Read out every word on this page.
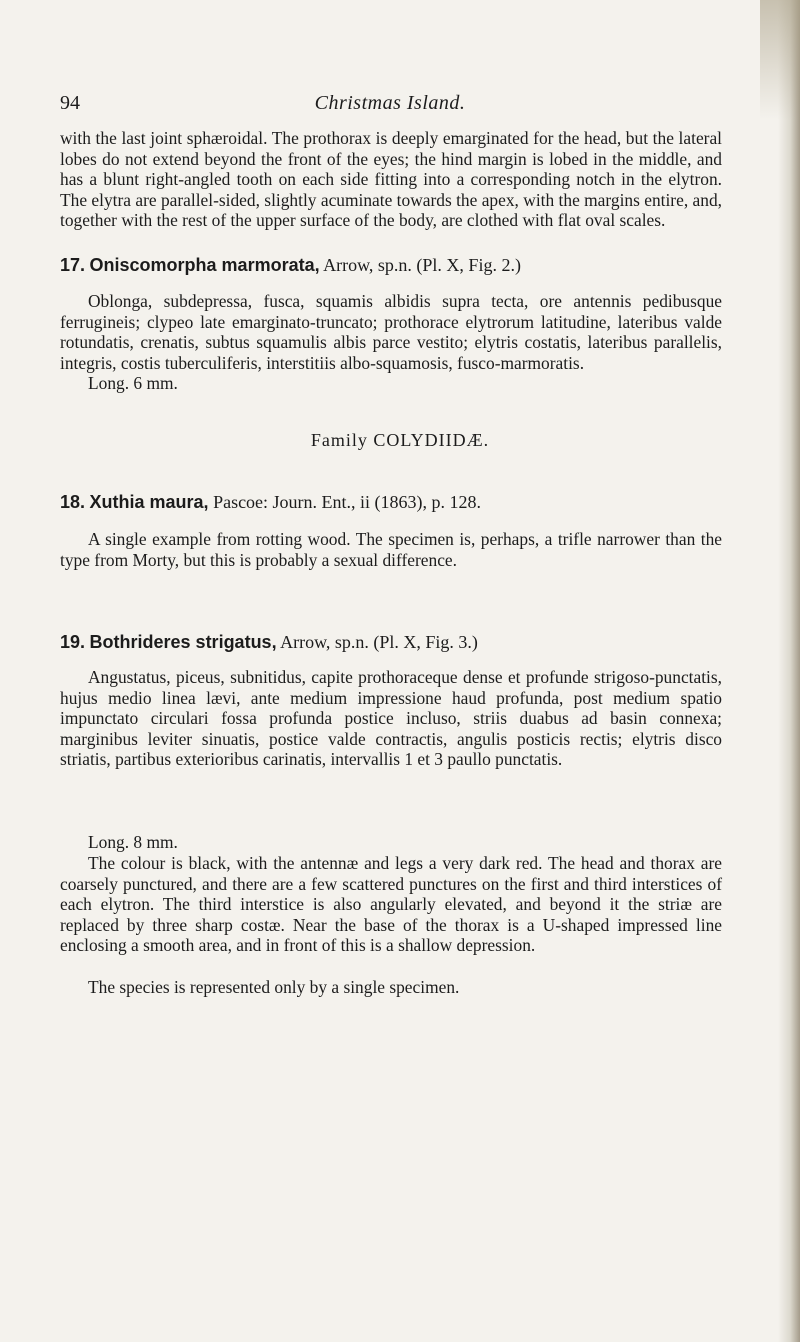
94	Christmas Island.

with the last joint sphæroidal. The prothorax is deeply emarginated for the head, but the lateral lobes do not extend beyond the front of the eyes; the hind margin is lobed in the middle, and has a blunt right-angled tooth on each side fitting into a corresponding notch in the elytron. The elytra are parallel-sided, slightly acuminate towards the apex, with the margins entire, and, together with the rest of the upper surface of the body, are clothed with flat oval scales.

17. Oniscomorpha marmorata, Arrow, sp.n. (Pl. X, Fig. 2.)

Oblonga, subdepressa, fusca, squamis albidis supra tecta, ore antennis pedibusque ferrugineis; clypeo late emarginato-truncato; prothorace elytrorum latitudine, lateribus valde rotundatis, crenatis, subtus squamulis albis parce vestito; elytris costatis, lateribus parallelis, integris, costis tuberculiferis, interstitiis albo-squamosis, fusco-marmoratis.

Long. 6 mm.

Family COLYDIIDÆ.

18. Xuthia maura, Pascoe: Journ. Ent., ii (1863), p. 128.

A single example from rotting wood. The specimen is, perhaps, a trifle narrower than the type from Morty, but this is probably a sexual difference.

19. Bothrideres strigatus, Arrow, sp.n. (Pl. X, Fig. 3.)

Angustatus, piceus, subnitidus, capite prothoraceque dense et profunde strigoso-punctatis, hujus medio linea lævi, ante medium impressione haud profunda, post medium spatio impunctato circulari fossa profunda postice incluso, striis duabus ad basin connexa; marginibus leviter sinuatis, postice valde contractis, angulis posticis rectis; elytris disco striatis, partibus exterioribus carinatis, intervallis 1 et 3 paullo punctatis.

Long. 8 mm.

The colour is black, with the antennæ and legs a very dark red. The head and thorax are coarsely punctured, and there are a few scattered punctures on the first and third interstices of each elytron. The third interstice is also angularly elevated, and beyond it the striæ are replaced by three sharp costæ. Near the base of the thorax is a U-shaped impressed line enclosing a smooth area, and in front of this is a shallow depression.

The species is represented only by a single specimen.
